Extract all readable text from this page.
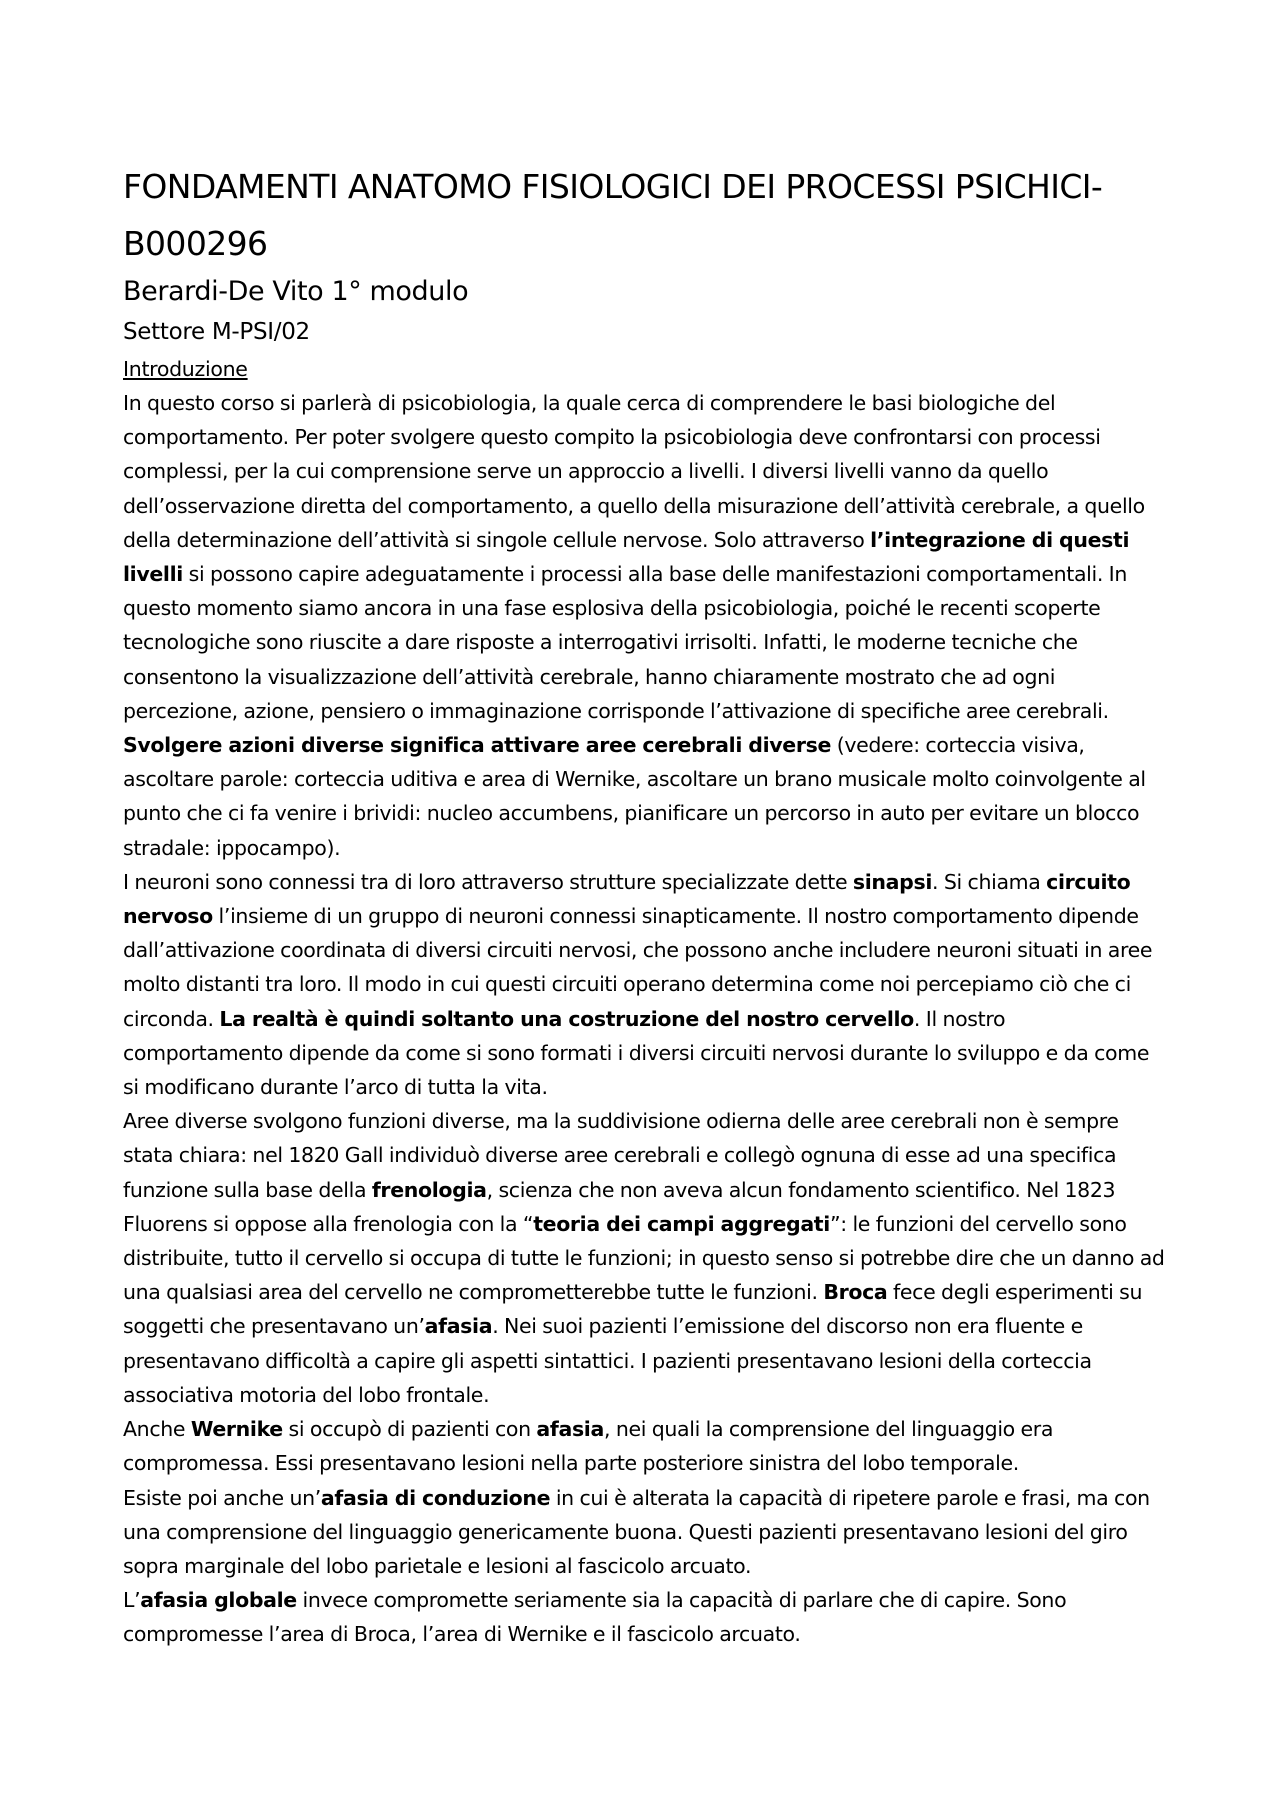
FONDAMENTI ANATOMO FISIOLOGICI DEI PROCESSI PSICHICI-B000296
Berardi-De Vito 1° modulo
Settore M-PSI/02
Introduzione

In questo corso si parlerà di psicobiologia, la quale cerca di comprendere le basi biologiche del comportamento. Per poter svolgere questo compito la psicobiologia deve confrontarsi con processi complessi, per la cui comprensione serve un approccio a livelli. I diversi livelli vanno da quello dell’osservazione diretta del comportamento, a quello della misurazione dell’attività cerebrale, a quello della determinazione dell’attività si singole cellule nervose. Solo attraverso l’integrazione di questi livelli si possono capire adeguatamente i processi alla base delle manifestazioni comportamentali. In questo momento siamo ancora in una fase esplosiva della psicobiologia, poiché le recenti scoperte tecnologiche sono riuscite a dare risposte a interrogativi irrisolti. Infatti, le moderne tecniche che consentono la visualizzazione dell’attività cerebrale, hanno chiaramente mostrato che ad ogni percezione, azione, pensiero o immaginazione corrisponde l’attivazione di specifiche aree cerebrali. Svolgere azioni diverse significa attivare aree cerebrali diverse (vedere: corteccia visiva, ascoltare parole: corteccia uditiva e area di Wernike, ascoltare un brano musicale molto coinvolgente al punto che ci fa venire i brividi: nucleo accumbens, pianificare un percorso in auto per evitare un blocco stradale: ippocampo).

I neuroni sono connessi tra di loro attraverso strutture specializzate dette sinapsi. Si chiama circuito nervoso l’insieme di un gruppo di neuroni connessi sinapticamente. Il nostro comportamento dipende dall’attivazione coordinata di diversi circuiti nervosi, che possono anche includere neuroni situati in aree molto distanti tra loro. Il modo in cui questi circuiti operano determina come noi percepiamo ciò che ci circonda. La realtà è quindi soltanto una costruzione del nostro cervello. Il nostro comportamento dipende da come si sono formati i diversi circuiti nervosi durante lo sviluppo e da come si modificano durante l’arco di tutta la vita.

Aree diverse svolgono funzioni diverse, ma la suddivisione odierna delle aree cerebrali non è sempre stata chiara: nel 1820 Gall individuò diverse aree cerebrali e collegò ognuna di esse ad una specifica funzione sulla base della frenologia, scienza che non aveva alcun fondamento scientifico. Nel 1823 Fluorens si oppose alla frenologia con la “teoria dei campi aggregati”: le funzioni del cervello sono distribuite, tutto il cervello si occupa di tutte le funzioni; in questo senso si potrebbe dire che un danno ad una qualsiasi area del cervello ne comprometterebbe tutte le funzioni. Broca fece degli esperimenti su soggetti che presentavano un’afasia. Nei suoi pazienti l’emissione del discorso non era fluente e presentavano difficoltà a capire gli aspetti sintattici. I pazienti presentavano lesioni della corteccia associativa motoria del lobo frontale.

Anche Wernike si occupò di pazienti con afasia, nei quali la comprensione del linguaggio era compromessa. Essi presentavano lesioni nella parte posteriore sinistra del lobo temporale.

Esiste poi anche un’afasia di conduzione in cui è alterata la capacità di ripetere parole e frasi, ma con una comprensione del linguaggio genericamente buona. Questi pazienti presentavano lesioni del giro sopra marginale del lobo parietale e lesioni al fascicolo arcuato.

L’afasia globale invece compromette seriamente sia la capacità di parlare che di capire. Sono compromesse l’area di Broca, l’area di Wernike e il fascicolo arcuato.
